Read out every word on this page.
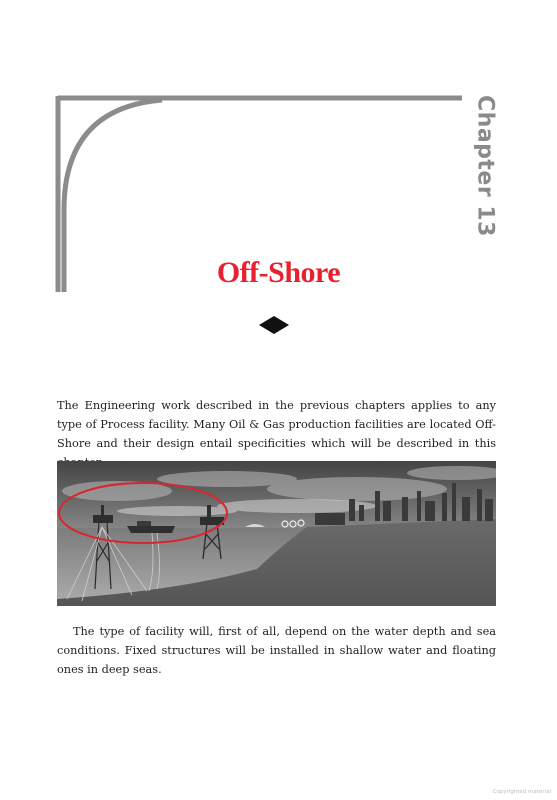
Chapter 13
Off-Shore

The Engineering work described in the previous chapters applies to any type of Process facility. Many Oil & Gas production facilities are located Off-Shore and their design entail specificities which will be described in this

The type of facility will, first of all, depend on the water depth and sea conditions. Fixed structures will be installed in shallow water and floating ones in deep seas.

Copyrighted material
